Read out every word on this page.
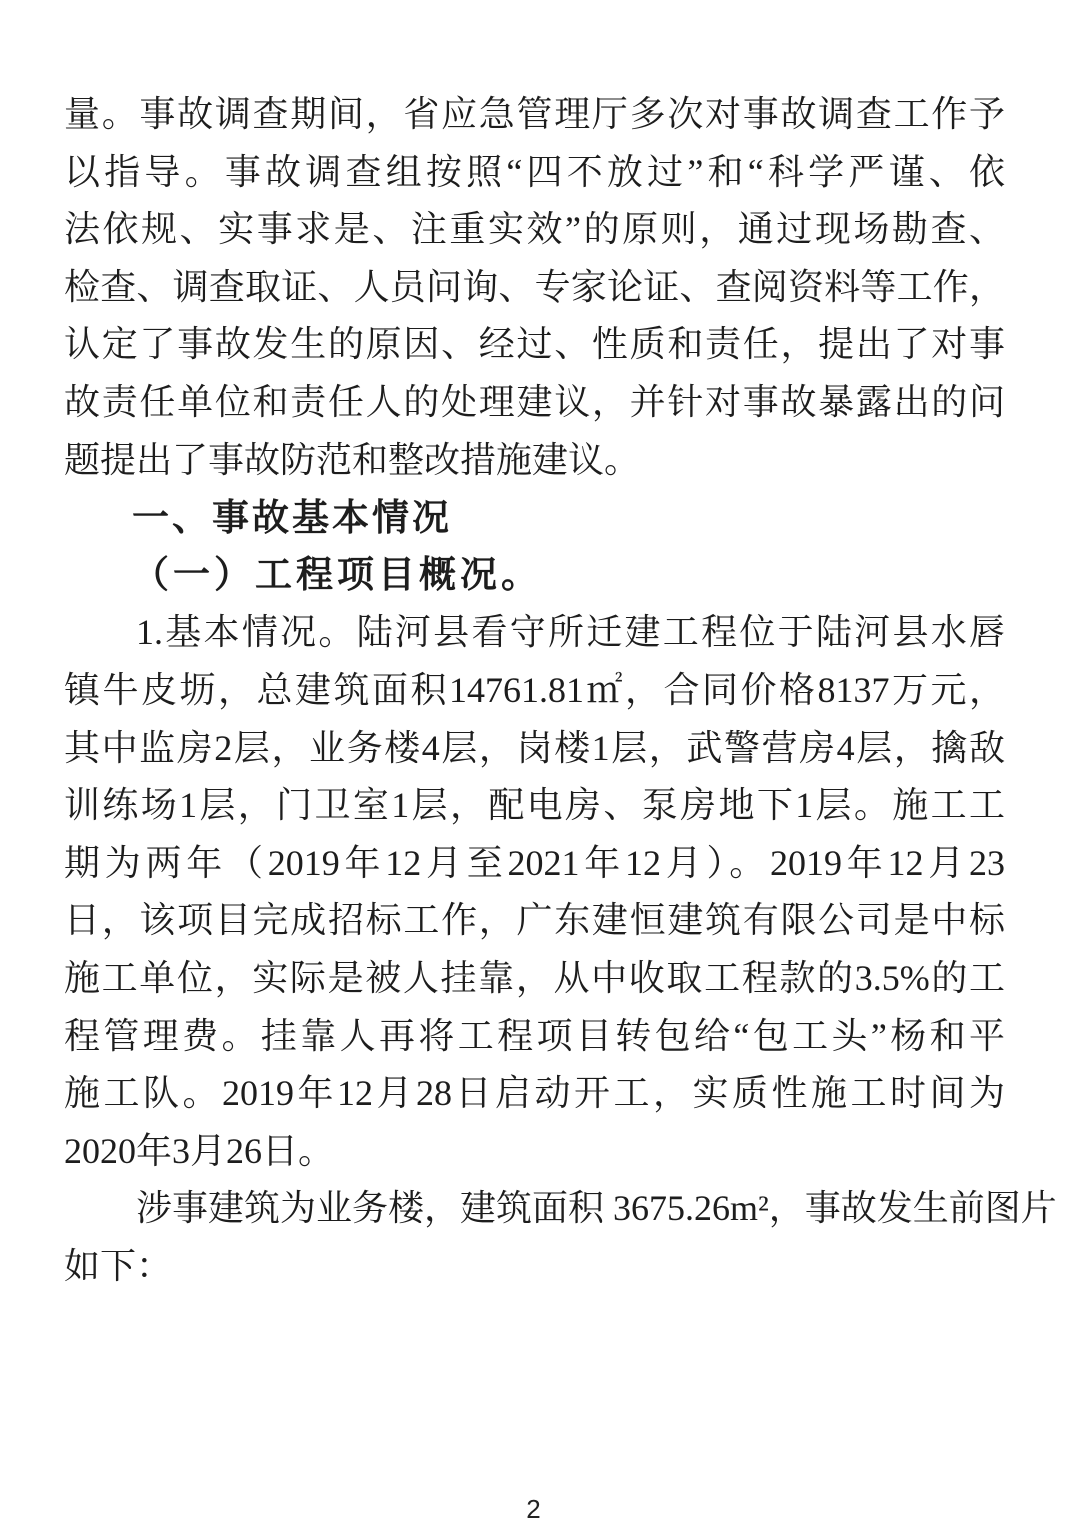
量。事故调查期间，省应急管理厅多次对事故调查工作予
以指导。事故调查组按照“四不放过”和“科学严谨、依
法依规、实事求是、注重实效”的原则，通过现场勘查、
检查、调查取证、人员问询、专家论证、查阅资料等工作，
认定了事故发生的原因、经过、性质和责任，提出了对事
故责任单位和责任人的处理建议，并针对事故暴露出的问
题提出了事故防范和整改措施建议。
一、事故基本情况
（一）工程项目概况。
1.基本情况。陆河县看守所迁建工程位于陆河县水唇
镇牛皮坜，总建筑面积14761.81㎡，合同价格8137万元，
其中监房2层，业务楼4层，岗楼1层，武警营房4层，擒敌
训练场1层，门卫室1层，配电房、泵房地下1层。施工工
期为两年（2019年12月至2021年12月）。2019年12月23
日，该项目完成招标工作，广东建恒建筑有限公司是中标
施工单位，实际是被人挂靠，从中收取工程款的3.5%的工
程管理费。挂靠人再将工程项目转包给“包工头”杨和平
施工队。2019年12月28日启动开工，实质性施工时间为
2020年3月26日。
涉事建筑为业务楼，建筑面积 3675.26m²，事故发生前图片
如下：
2
